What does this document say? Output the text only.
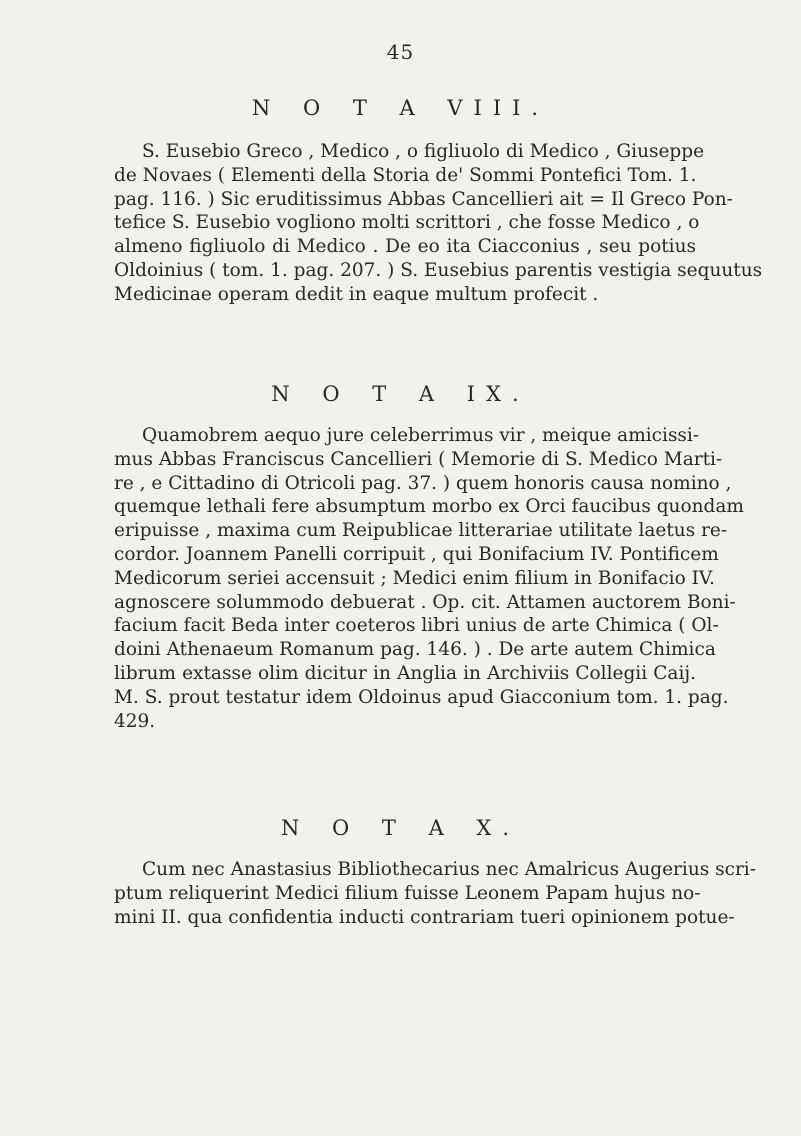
45
N O T A VIII.
S. Eusebio Greco , Medico , o figliuolo di Medico , Giuseppe
de Novaes ( Elementi della Storia de' Sommi Pontefici Tom. 1.
pag. 116. ) Sic eruditissimus Abbas Cancellieri ait = Il Greco Pon-
tefice S. Eusebio vogliono molti scrittori , che fosse Medico , o
almeno figliuolo di Medico . De eo ita Ciacconius , seu potius
Oldoinius ( tom. 1. pag. 207. ) S. Eusebius parentis vestigia sequutus
Medicinae operam dedit in eaque multum profecit .
N O T A IX.
Quamobrem aequo jure celeberrimus vir , meique amicissi-
mus Abbas Franciscus Cancellieri ( Memorie di S. Medico Marti-
re , e Cittadino di Otricoli pag. 37. ) quem honoris causa nomino ,
quemque lethali fere absumptum morbo ex Orci faucibus quondam
eripuisse , maxima cum Reipublicae litterariae utilitate laetus re-
cordor. Joannem Panelli corripuit , qui Bonifacium IV. Pontificem
Medicorum seriei accensuit ; Medici enim filium in Bonifacio IV.
agnoscere solummodo debuerat . Op. cit. Attamen auctorem Boni-
facium facit Beda inter coeteros libri unius de arte Chimica ( Ol-
doini Athenaeum Romanum pag. 146. ) . De arte autem Chimica
librum extasse olim dicitur in Anglia in Archiviis Collegii Caij.
M. S. prout testatur idem Oldoinus apud Giacconium tom. 1. pag.
429.
N O T A X.
Cum nec Anastasius Bibliothecarius nec Amalricus Augerius scri-
ptum reliquerint Medici filium fuisse Leonem Papam hujus no-
mini II. qua confidentia inducti contrariam tueri opinionem potue-
